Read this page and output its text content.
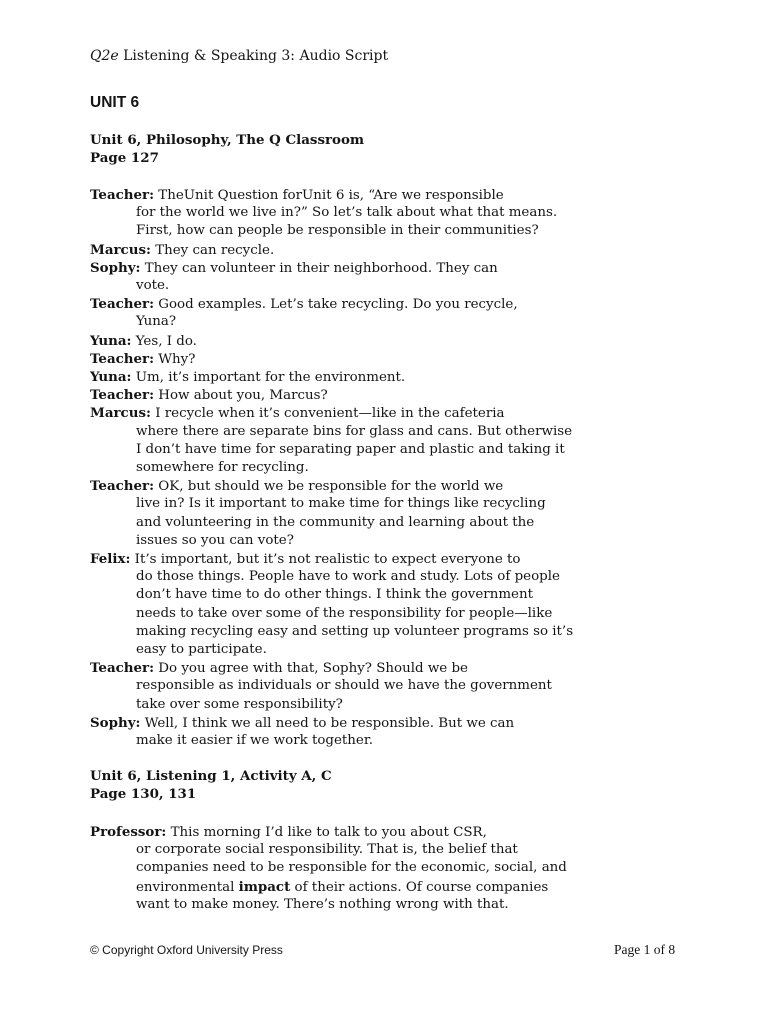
Q2e Listening & Speaking 3: Audio Script
UNIT 6
Unit 6, Philosophy, The Q Classroom
Page 127
Teacher: TheUnit Question forUnit 6 is, “Are we responsible
for the world we live in?” So let’s talk about what that means.
First, how can people be responsible in their communities?
Marcus: They can recycle.
Sophy: They can volunteer in their neighborhood. They can
vote.
Teacher: Good examples. Let’s take recycling. Do you recycle,
Yuna?
Yuna: Yes, I do.
Teacher: Why?
Yuna: Um, it’s important for the environment.
Teacher: How about you, Marcus?
Marcus: I recycle when it’s convenient—like in the cafeteria
where there are separate bins for glass and cans. But otherwise
I don’t have time for separating paper and plastic and taking it
somewhere for recycling.
Teacher: OK, but should we be responsible for the world we
live in? Is it important to make time for things like recycling
and volunteering in the community and learning about the
issues so you can vote?
Felix: It’s important, but it’s not realistic to expect everyone to
do those things. People have to work and study. Lots of people
don’t have time to do other things. I think the government
needs to take over some of the responsibility for people—like
making recycling easy and setting up volunteer programs so it’s
easy to participate.
Teacher: Do you agree with that, Sophy? Should we be
responsible as individuals or should we have the government
take over some responsibility?
Sophy: Well, I think we all need to be responsible. But we can
make it easier if we work together.
Unit 6, Listening 1, Activity A, C
Page 130, 131
Professor: This morning I’d like to talk to you about CSR,
or corporate social responsibility. That is, the belief that
companies need to be responsible for the economic, social, and
environmental impact of their actions. Of course companies
want to make money. There’s nothing wrong with that.
© Copyright Oxford University Press	Page 1 of 8
